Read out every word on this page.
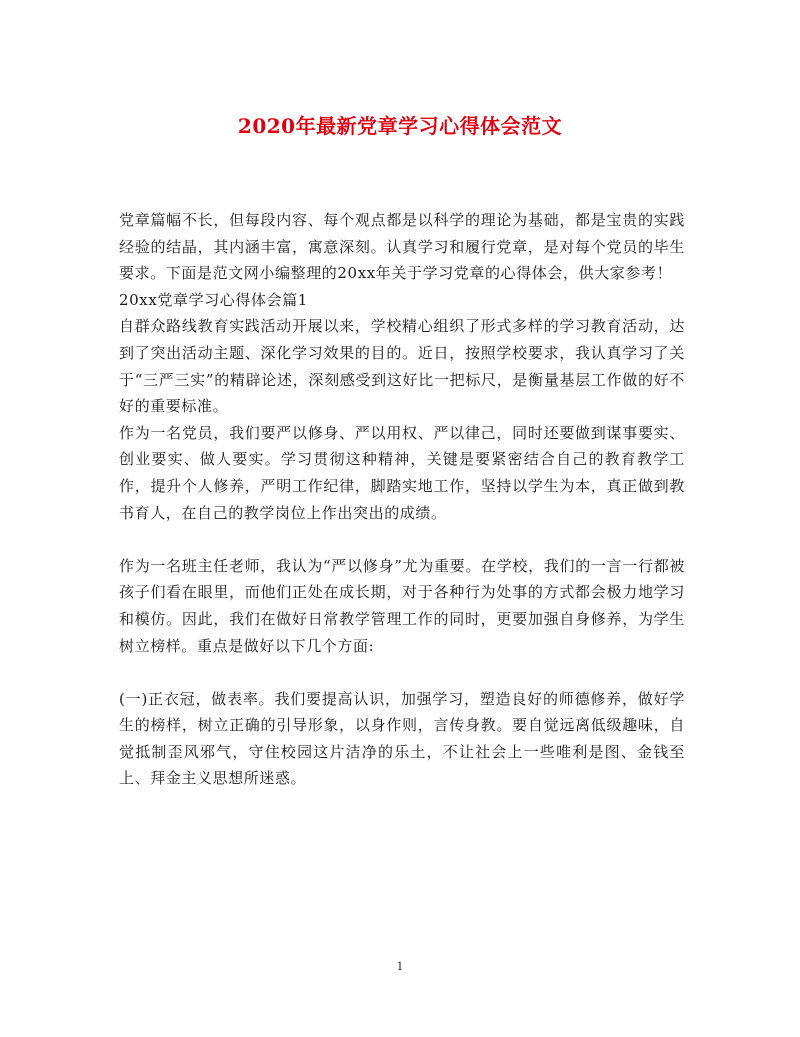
2020年最新党章学习心得体会范文

党章篇幅不长，但每段内容、每个观点都是以科学的理论为基础，都是宝贵的实践经验的结晶，其内涵丰富，寓意深刻。认真学习和履行党章，是对每个党员的毕生要求。下面是范文网小编整理的20xx年关于学习党章的心得体会，供大家参考！

20xx党章学习心得体会篇1

自群众路线教育实践活动开展以来，学校精心组织了形式多样的学习教育活动，达到了突出活动主题、深化学习效果的目的。近日，按照学校要求，我认真学习了关于“三严三实”的精辟论述，深刻感受到这好比一把标尺，是衡量基层工作做的好不好的重要标准。

作为一名党员，我们要严以修身、严以用权、严以律己，同时还要做到谋事要实、创业要实、做人要实。学习贯彻这种精神，关键是要紧密结合自己的教育教学工作，提升个人修养，严明工作纪律，脚踏实地工作，坚持以学生为本，真正做到教书育人，在自己的教学岗位上作出突出的成绩。

作为一名班主任老师，我认为“严以修身”尤为重要。在学校，我们的一言一行都被孩子们看在眼里，而他们正处在成长期，对于各种行为处事的方式都会极力地学习和模仿。因此，我们在做好日常教学管理工作的同时，更要加强自身修养，为学生树立榜样。重点是做好以下几个方面:

(一)正衣冠，做表率。我们要提高认识，加强学习，塑造良好的师德修养，做好学生的榜样，树立正确的引导形象，以身作则，言传身教。要自觉远离低级趣味，自觉抵制歪风邪气，守住校园这片洁净的乐土，不让社会上一些唯利是图、金钱至上、拜金主义思想所迷惑。

1
